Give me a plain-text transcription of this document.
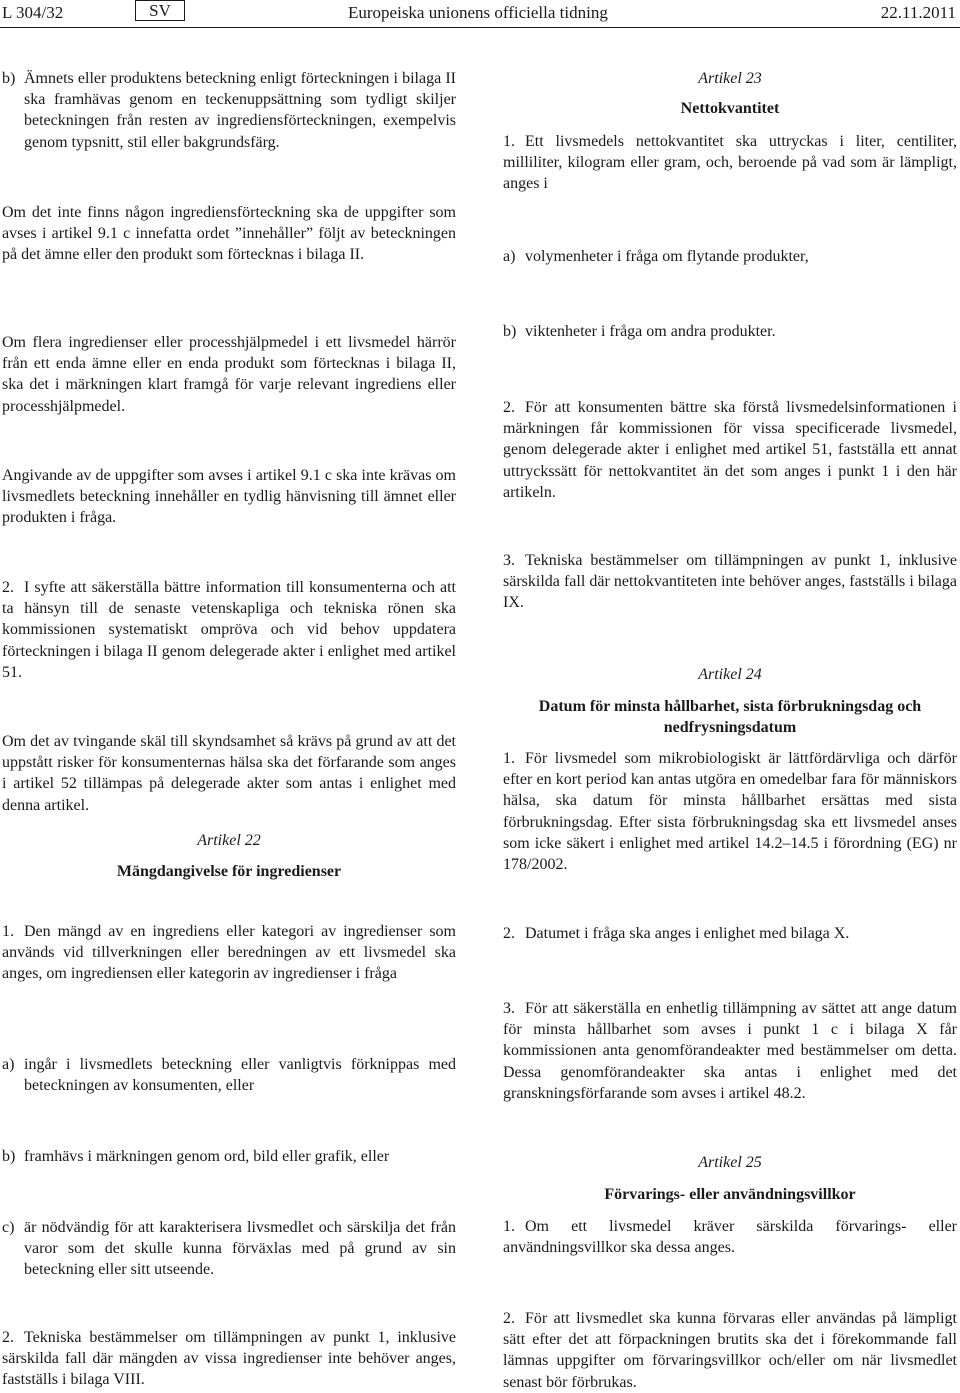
L 304/32	SV	Europeiska unionens officiella tidning	22.11.2011
b) Ämnets eller produktens beteckning enligt förteckningen i bilaga II ska framhävas genom en teckenuppsättning som tydligt skiljer beteckningen från resten av ingrediensförteckningen, exempelvis genom typsnitt, stil eller bakgrundsfärg.

Om det inte finns någon ingrediensförteckning ska de uppgifter som avses i artikel 9.1 c innefatta ordet ”innehåller” följt av beteckningen på det ämne eller den produkt som förtecknas i bilaga II.

Om flera ingredienser eller processhjälpmedel i ett livsmedel härrör från ett enda ämne eller en enda produkt som förtecknas i bilaga II, ska det i märkningen klart framgå för varje relevant ingrediens eller processhjälpmedel.

Angivande av de uppgifter som avses i artikel 9.1 c ska inte krävas om livsmedlets beteckning innehåller en tydlig hänvisning till ämnet eller produkten i fråga.

2. I syfte att säkerställa bättre information till konsumenterna och att ta hänsyn till de senaste vetenskapliga och tekniska rönen ska kommissionen systematiskt ompröva och vid behov uppdatera förteckningen i bilaga II genom delegerade akter i enlighet med artikel 51.

Om det av tvingande skäl till skyndsamhet så krävs på grund av att det uppstått risker för konsumenternas hälsa ska det förfarande som anges i artikel 52 tillämpas på delegerade akter som antas i enlighet med denna artikel.

Artikel 22
Mängdangivelse för ingredienser

1. Den mängd av en ingrediens eller kategori av ingredienser som används vid tillverkningen eller beredningen av ett livsmedel ska anges, om ingrediensen eller kategorin av ingredienser i fråga

a) ingår i livsmedlets beteckning eller vanligtvis förknippas med beteckningen av konsumenten, eller
b) framhävs i märkningen genom ord, bild eller grafik, eller
c) är nödvändig för att karakterisera livsmedlet och särskilja det från varor som det skulle kunna förväxlas med på grund av sin beteckning eller sitt utseende.

2. Tekniska bestämmelser om tillämpningen av punkt 1, inklusive särskilda fall där mängden av vissa ingredienser inte behöver anges, fastställs i bilaga VIII.

Artikel 23
Nettokvantitet

1. Ett livsmedels nettokvantitet ska uttryckas i liter, centiliter, milliliter, kilogram eller gram, och, beroende på vad som är lämpligt, anges i

a) volymenheter i fråga om flytande produkter,
b) viktenheter i fråga om andra produkter.

2. För att konsumenten bättre ska förstå livsmedelsinformationen i märkningen får kommissionen för vissa specificerade livsmedel, genom delegerade akter i enlighet med artikel 51, fastställa ett annat uttryckssätt för nettokvantitet än det som anges i punkt 1 i den här artikeln.

3. Tekniska bestämmelser om tillämpningen av punkt 1, inklusive särskilda fall där nettokvantiteten inte behöver anges, fastställs i bilaga IX.

Artikel 24
Datum för minsta hållbarhet, sista förbrukningsdag och nedfrysningsdatum

1. För livsmedel som mikrobiologiskt är lättfördärvliga och därför efter en kort period kan antas utgöra en omedelbar fara för människors hälsa, ska datum för minsta hållbarhet ersättas med sista förbrukningsdag. Efter sista förbrukningsdag ska ett livsmedel anses som icke säkert i enlighet med artikel 14.2–14.5 i förordning (EG) nr 178/2002.

2. Datumet i fråga ska anges i enlighet med bilaga X.

3. För att säkerställa en enhetlig tillämpning av sättet att ange datum för minsta hållbarhet som avses i punkt 1 c i bilaga X får kommissionen anta genomförandeakter med bestämmelser om detta. Dessa genomförandeakter ska antas i enlighet med det granskningsförfarande som avses i artikel 48.2.

Artikel 25
Förvarings- eller användningsvillkor

1. Om ett livsmedel kräver särskilda förvarings- eller användningsvillkor ska dessa anges.

2. För att livsmedlet ska kunna förvaras eller användas på lämpligt sätt efter det att förpackningen brutits ska det i förekommande fall lämnas uppgifter om förvaringsvillkor och/eller om när livsmedlet senast bör förbrukas.
